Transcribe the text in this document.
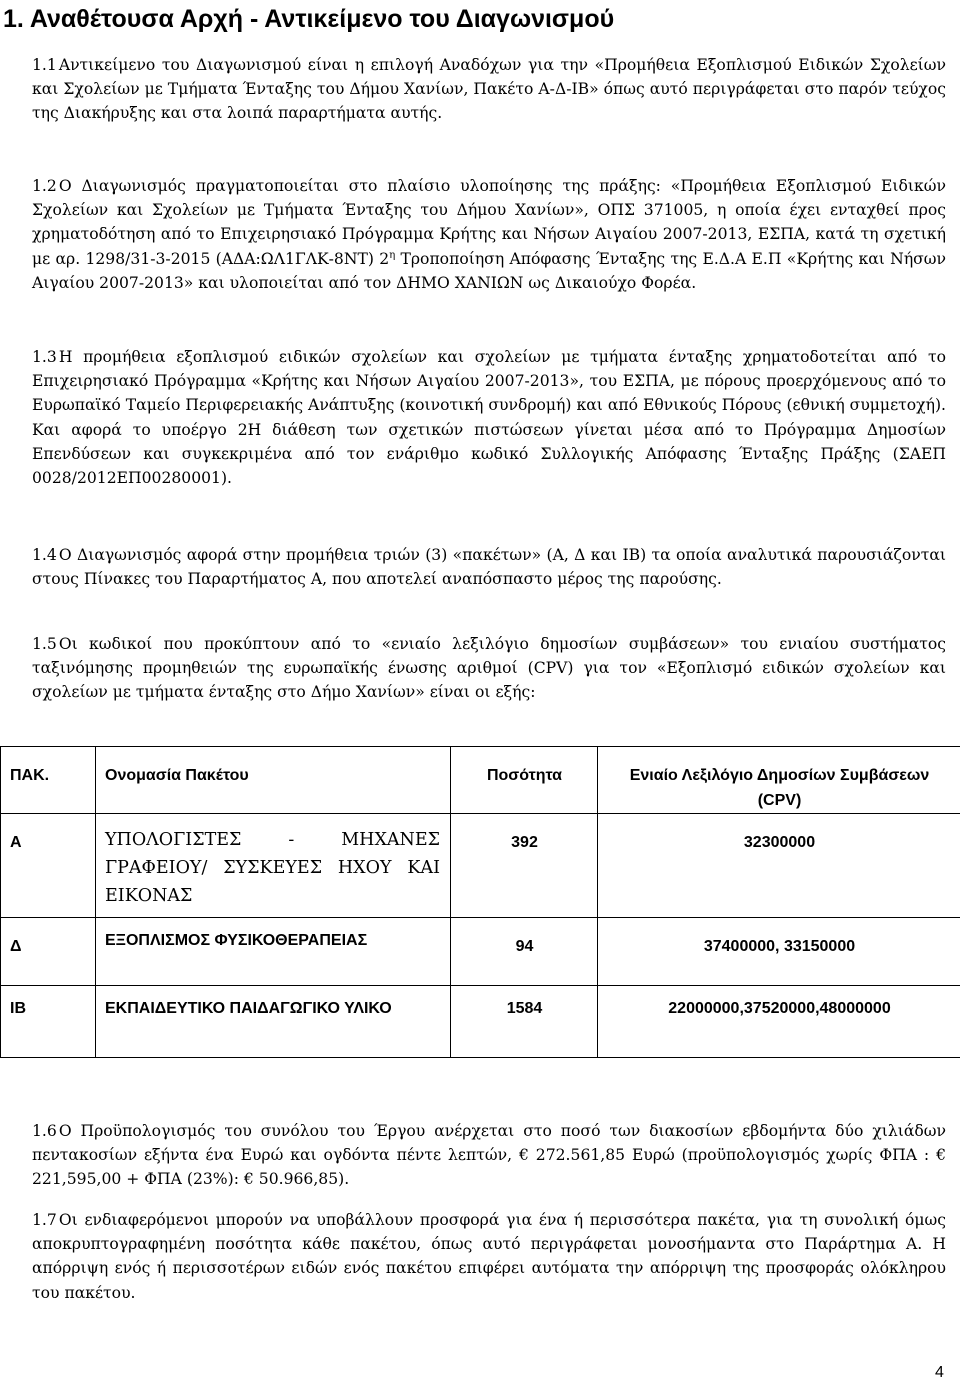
1. Αναθέτουσα Αρχή - Αντικείμενο του Διαγωνισμού

1.1 Αντικείμενο του Διαγωνισμού είναι η επιλογή Αναδόχων για την «Προμήθεια Εξοπλισμού Ειδικών Σχολείων και Σχολείων με Τμήματα Ένταξης του Δήμου Χανίων, Πακέτο Α-Δ-ΙΒ» όπως αυτό περιγράφεται στο παρόν τεύχος της Διακήρυξης και στα λοιπά παραρτήματα αυτής.

1.2 Ο Διαγωνισμός πραγματοποιείται στο πλαίσιο υλοποίησης της πράξης: «Προμήθεια Εξοπλισμού Ειδικών Σχολείων και Σχολείων με Τμήματα Ένταξης του Δήμου Χανίων», ΟΠΣ 371005, η οποία έχει ενταχθεί προς χρηματοδότηση από το Επιχειρησιακό Πρόγραμμα Κρήτης και Νήσων Αιγαίου 2007-2013, ΕΣΠΑ, κατά τη σχετική με αρ. 1298/31-3-2015 (ΑΔΑ:ΩΛ1ΓΛΚ-8ΝΤ) $2^\eta$ Τροποποίηση Απόφασης Ένταξης της Ε.Δ.Α Ε.Π «Κρήτης και Νήσων Αιγαίου 2007-2013» και υλοποιείται από τον ΔΗΜΟ ΧΑΝΙΩΝ ως Δικαιούχο Φορέα.

1.3 Η προμήθεια εξοπλισμού ειδικών σχολείων και σχολείων με τμήματα ένταξης χρηματοδοτείται από το Επιχειρησιακό Πρόγραμμα «Κρήτης και Νήσων Αιγαίου 2007-2013», του ΕΣΠΑ, με πόρους προερχόμενους από το Ευρωπαϊκό Ταμείο Περιφερειακής Ανάπτυξης (κοινοτική συνδρομή) και από Εθνικούς Πόρους (εθνική συμμετοχή). Και αφορά το υποέργο 2Η διάθεση των σχετικών πιστώσεων γίνεται μέσα από το Πρόγραμμα Δημοσίων Επενδύσεων και συγκεκριμένα από τον ενάριθμο κωδικό Συλλογικής Απόφασης Ένταξης Πράξης (ΣΑΕΠ 0028/2012ΕΠ00280001).

1.4 Ο Διαγωνισμός αφορά στην προμήθεια τριών (3) «πακέτων» (Α, Δ και ΙΒ) τα οποία αναλυτικά παρουσιάζονται στους Πίνακες του Παραρτήματος Α, που αποτελεί αναπόσπαστο μέρος της παρούσης.

1.5 Οι κωδικοί που προκύπτουν από το «ενιαίο λεξιλόγιο δημοσίων συμβάσεων» του ενιαίου συστήματος ταξινόμησης προμηθειών της ευρωπαϊκής ένωσης αριθμοί (CPV) για τον «Εξοπλισμό ειδικών σχολείων και σχολείων με τμήματα ένταξης στο Δήμο Χανίων» είναι οι εξής:

ΠΑΚ.	Ονομασία Πακέτου	Ποσότητα	Ενιαίο Λεξιλόγιο Δημοσίων Συμβάσεων (CPV)
Α	ΥΠΟΛΟΓΙΣΤΕΣ - ΜΗΧΑΝΕΣ ΓΡΑΦΕΙΟΥ/ ΣΥΣΚΕΥΕΣ ΗΧΟΥ ΚΑΙ ΕΙΚΟΝΑΣ	392	32300000
Δ	ΕΞΟΠΛΙΣΜΟΣ ΦΥΣΙΚΟΘΕΡΑΠΕΙΑΣ	94	37400000, 33150000
ΙΒ	ΕΚΠΑΙΔΕΥΤΙΚΟ ΠΑΙΔΑΓΩΓΙΚΟ ΥΛΙΚΟ	1584	22000000,37520000,48000000

1.6 Ο Προϋπολογισμός του συνόλου του Έργου ανέρχεται στο ποσό των διακοσίων εβδομήντα δύο χιλιάδων πεντακοσίων εξήντα ένα Ευρώ και ογδόντα πέντε λεπτών, € 272.561,85 Ευρώ (προϋπολογισμός χωρίς ΦΠΑ : € 221,595,00 + ΦΠΑ (23%): € 50.966,85).

1.7 Οι ενδιαφερόμενοι μπορούν να υποβάλλουν προσφορά για ένα ή περισσότερα πακέτα, για τη συνολική όμως αποκρυπτογραφημένη ποσότητα κάθε πακέτου, όπως αυτό περιγράφεται μονοσήμαντα στο Παράρτημα Α. Η απόρριψη ενός ή περισσοτέρων ειδών ενός πακέτου επιφέρει αυτόματα την απόρριψη της προσφοράς ολόκληρου του πακέτου.

4
